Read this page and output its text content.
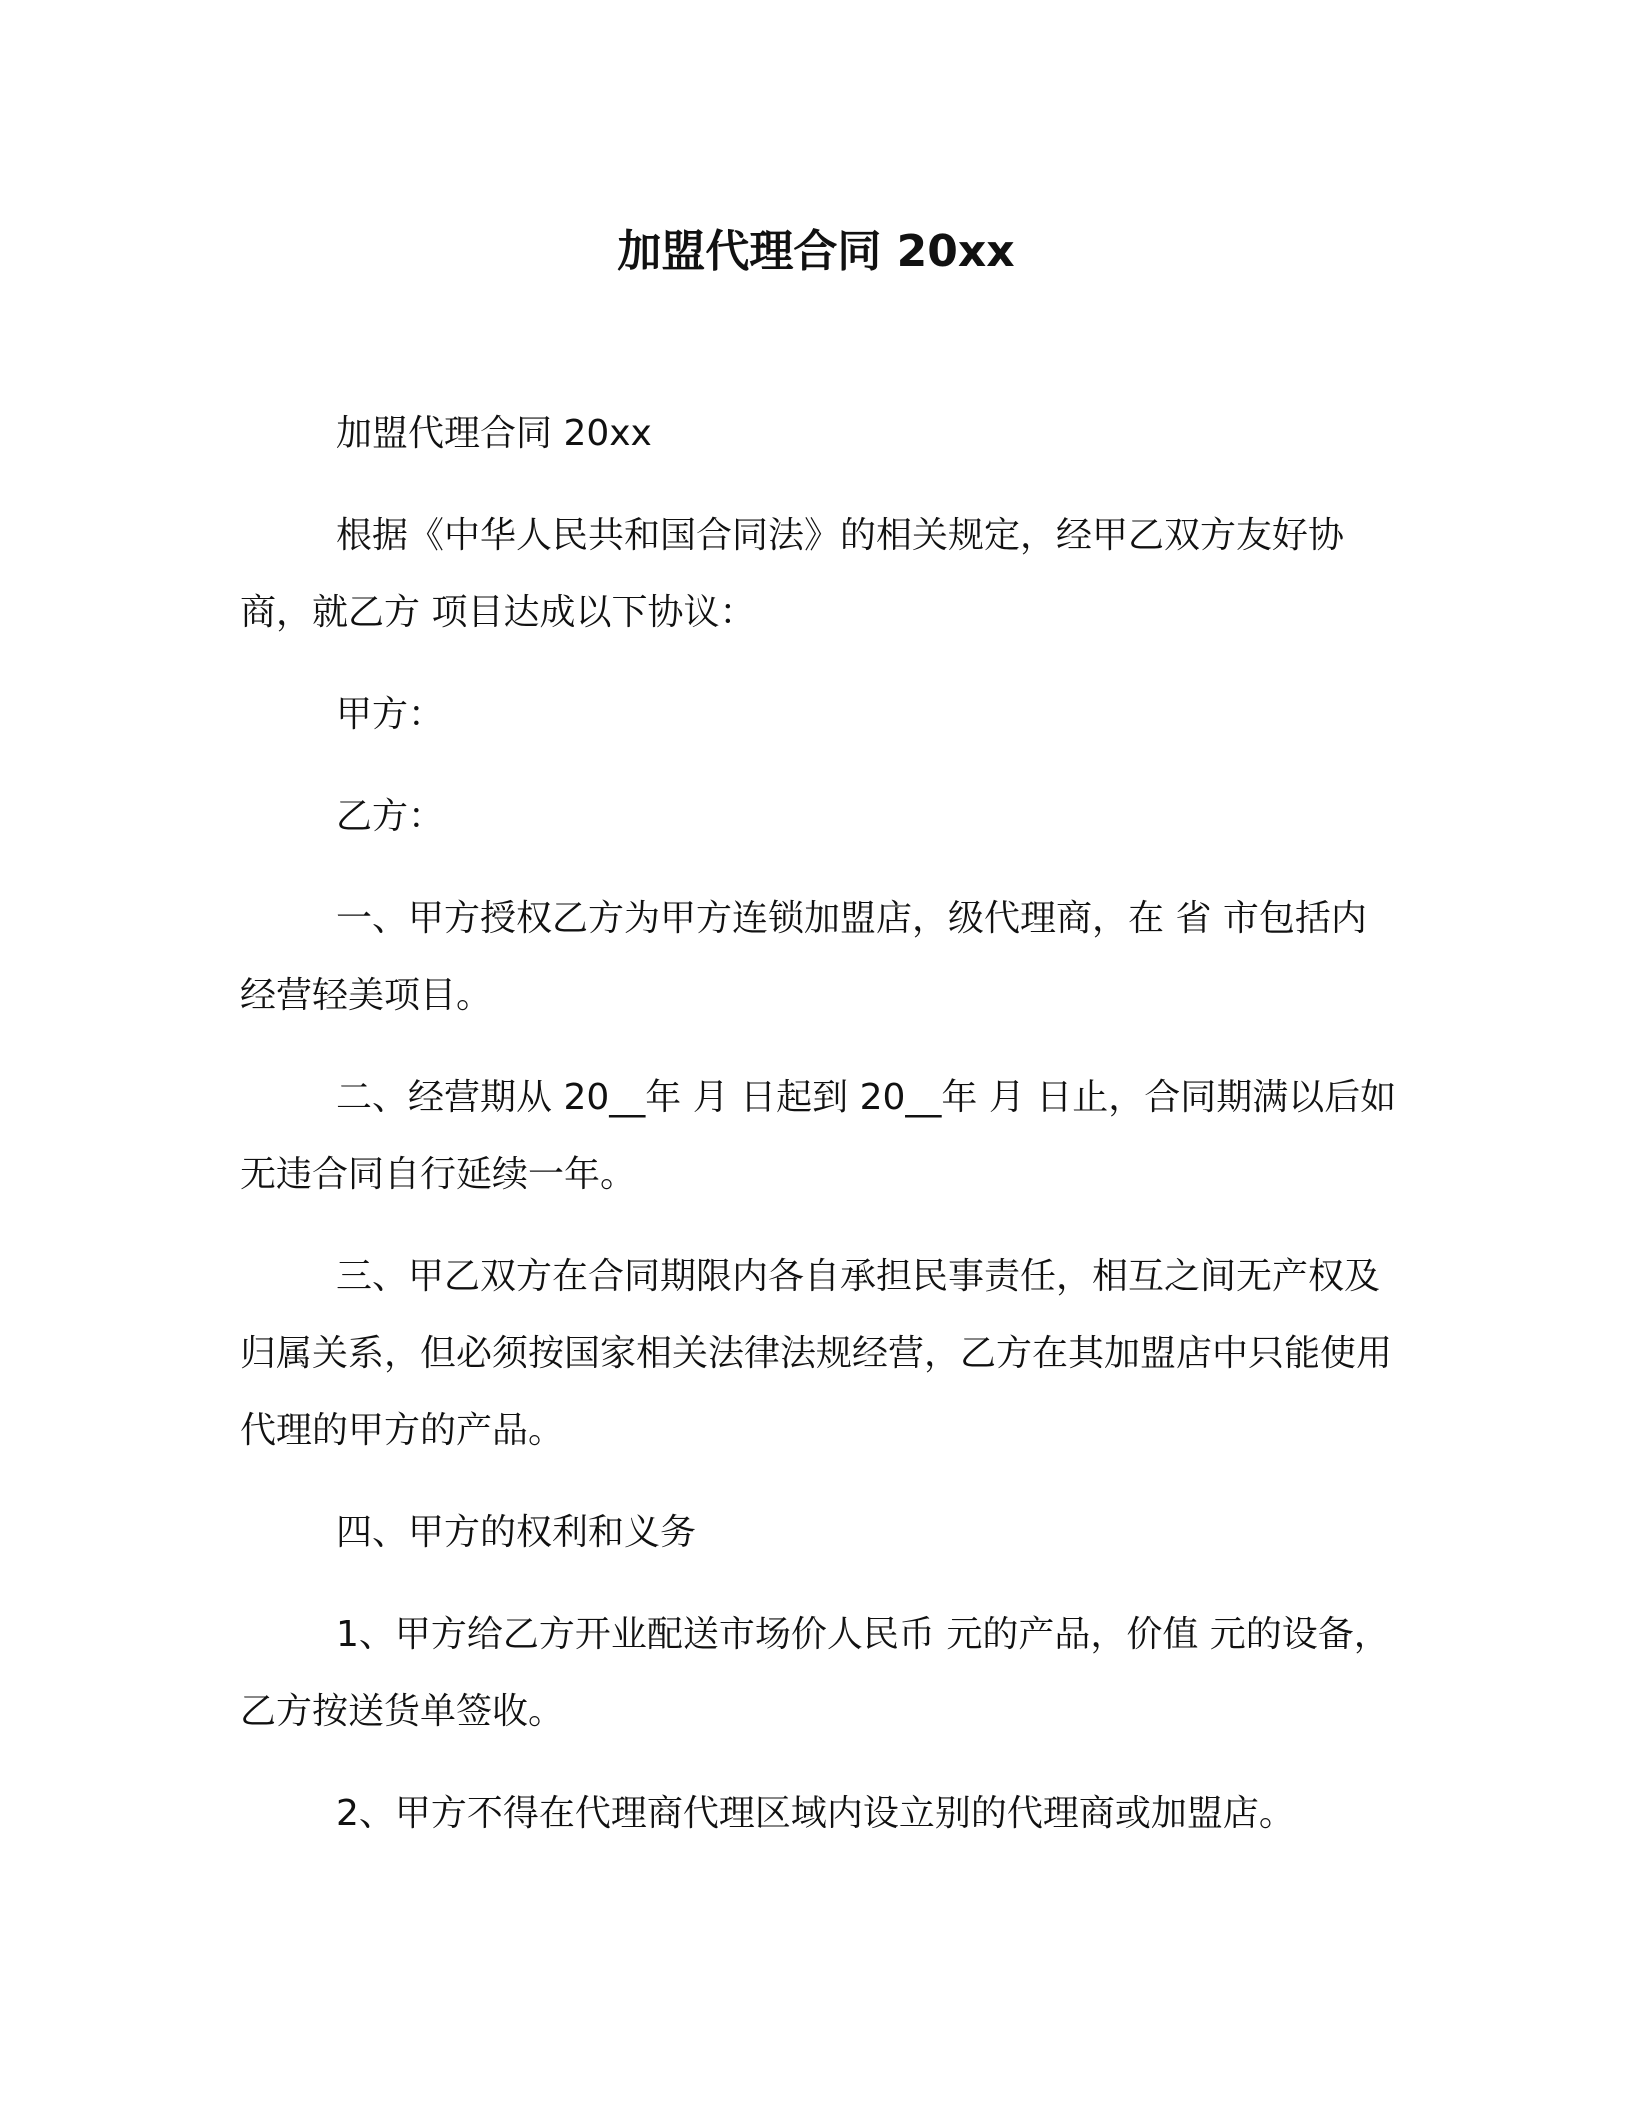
加盟代理合同 20xx

加盟代理合同 20xx

根据《中华人民共和国合同法》的相关规定，经甲乙双方友好协商，就乙方 项目达成以下协议：

甲方：

乙方：

一、甲方授权乙方为甲方连锁加盟店，级代理商，在 省 市包括内经营轻美项目。

二、经营期从 20__年 月 日起到 20__年 月 日止，合同期满以后如无违合同自行延续一年。

三、甲乙双方在合同期限内各自承担民事责任，相互之间无产权及归属关系，但必须按国家相关法律法规经营，乙方在其加盟店中只能使用代理的甲方的产品。

四、甲方的权利和义务

1、甲方给乙方开业配送市场价人民币 元的产品，价值 元的设备，乙方按送货单签收。

2、甲方不得在代理商代理区域内设立别的代理商或加盟店。
